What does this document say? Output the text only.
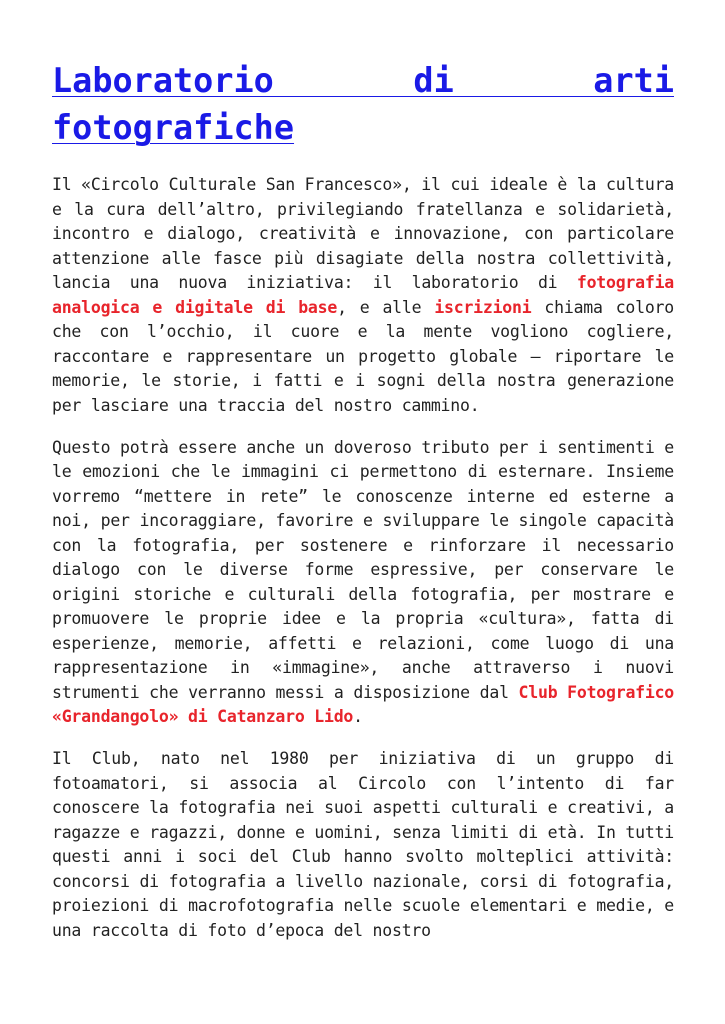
Laboratorio di arti fotografiche

Il «Circolo Culturale San Francesco», il cui ideale è la cultura e la cura dell’altro, privilegiando fratellanza e solidarietà, incontro e dialogo, creatività e innovazione, con particolare attenzione alle fasce più disagiate della nostra collettività, lancia una nuova iniziativa: il laboratorio di fotografia analogica e digitale di base, e alle iscrizioni chiama coloro che con l’occhio, il cuore e la mente vogliono cogliere, raccontare e rappresentare un progetto globale – riportare le memorie, le storie, i fatti e i sogni della nostra generazione per lasciare una traccia del nostro cammino.

Questo potrà essere anche un doveroso tributo per i sentimenti e le emozioni che le immagini ci permettono di esternare. Insieme vorremo “mettere in rete” le conoscenze interne ed esterne a noi, per incoraggiare, favorire e sviluppare le singole capacità con la fotografia, per sostenere e rinforzare il necessario dialogo con le diverse forme espressive, per conservare le origini storiche e culturali della fotografia, per mostrare e promuovere le proprie idee e la propria «cultura», fatta di esperienze, memorie, affetti e relazioni, come luogo di una rappresentazione in «immagine», anche attraverso i nuovi strumenti che verranno messi a disposizione dal Club Fotografico «Grandangolo» di Catanzaro Lido.

Il Club, nato nel 1980 per iniziativa di un gruppo di fotoamatori, si associa al Circolo con l’intento di far conoscere la fotografia nei suoi aspetti culturali e creativi, a ragazze e ragazzi, donne e uomini, senza limiti di età. In tutti questi anni i soci del Club hanno svolto molteplici attività: concorsi di fotografia a livello nazionale, corsi di fotografia, proiezioni di macrofotografia nelle scuole elementari e medie, e una raccolta di foto d’epoca del nostro
